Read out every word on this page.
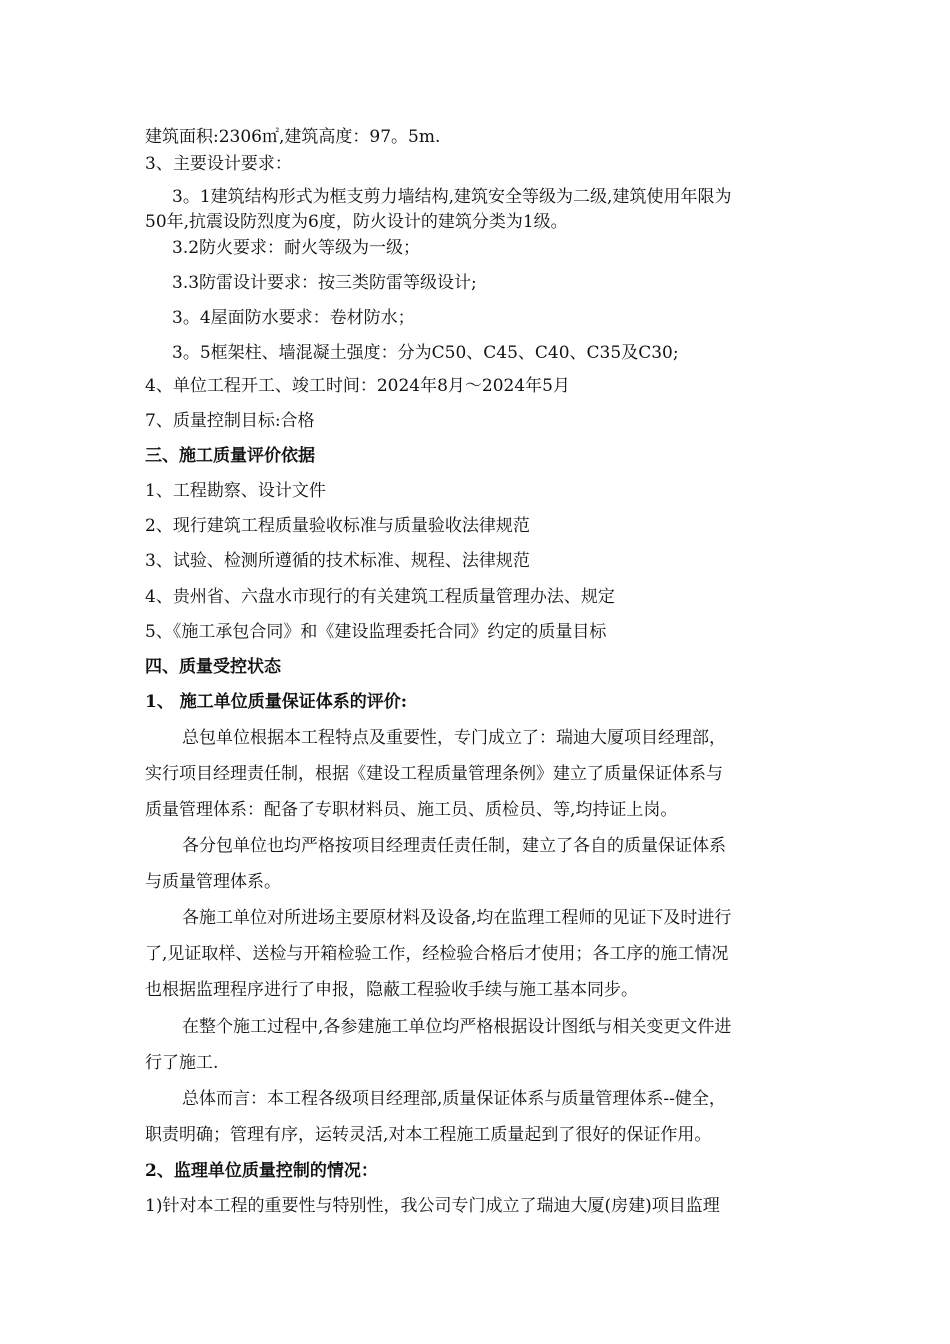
建筑面积:2306㎡,建筑高度：97。5m.
3、主要设计要求：
3。1建筑结构形式为框支剪力墙结构,建筑安全等级为二级,建筑使用年限为
50年,抗震设防烈度为6度，防火设计的建筑分类为1级。
3.2防火要求：耐火等级为一级；
3.3防雷设计要求：按三类防雷等级设计;
3。4屋面防水要求：卷材防水；
3。5框架柱、墙混凝土强度：分为C50、C45、C40、C35及C30;
4、单位工程开工、竣工时间：2024年8月～2024年5月
7、质量控制目标:合格
三、施工质量评价依据
1、工程勘察、设计文件
2、现行建筑工程质量验收标准与质量验收法律规范
3、试验、检测所遵循的技术标准、规程、法律规范
4、贵州省、六盘水市现行的有关建筑工程质量管理办法、规定
5、《施工承包合同》和《建设监理委托合同》约定的质量目标
四、质量受控状态
1、 施工单位质量保证体系的评价:
总包单位根据本工程特点及重要性，专门成立了：瑞迪大厦项目经理部，
实行项目经理责任制，根据《建设工程质量管理条例》建立了质量保证体系与
质量管理体系：配备了专职材料员、施工员、质检员、等,均持证上岗。
各分包单位也均严格按项目经理责任责任制，建立了各自的质量保证体系
与质量管理体系。
各施工单位对所进场主要原材料及设备,均在监理工程师的见证下及时进行
了,见证取样、送检与开箱检验工作，经检验合格后才使用；各工序的施工情况
也根据监理程序进行了申报，隐蔽工程验收手续与施工基本同步。
在整个施工过程中,各参建施工单位均严格根据设计图纸与相关变更文件进
行了施工.
总体而言：本工程各级项目经理部,质量保证体系与质量管理体系--健全，
职责明确；管理有序，运转灵活,对本工程施工质量起到了很好的保证作用。
2、监理单位质量控制的情况：
1)针对本工程的重要性与特别性，我公司专门成立了瑞迪大厦(房建)项目监理
